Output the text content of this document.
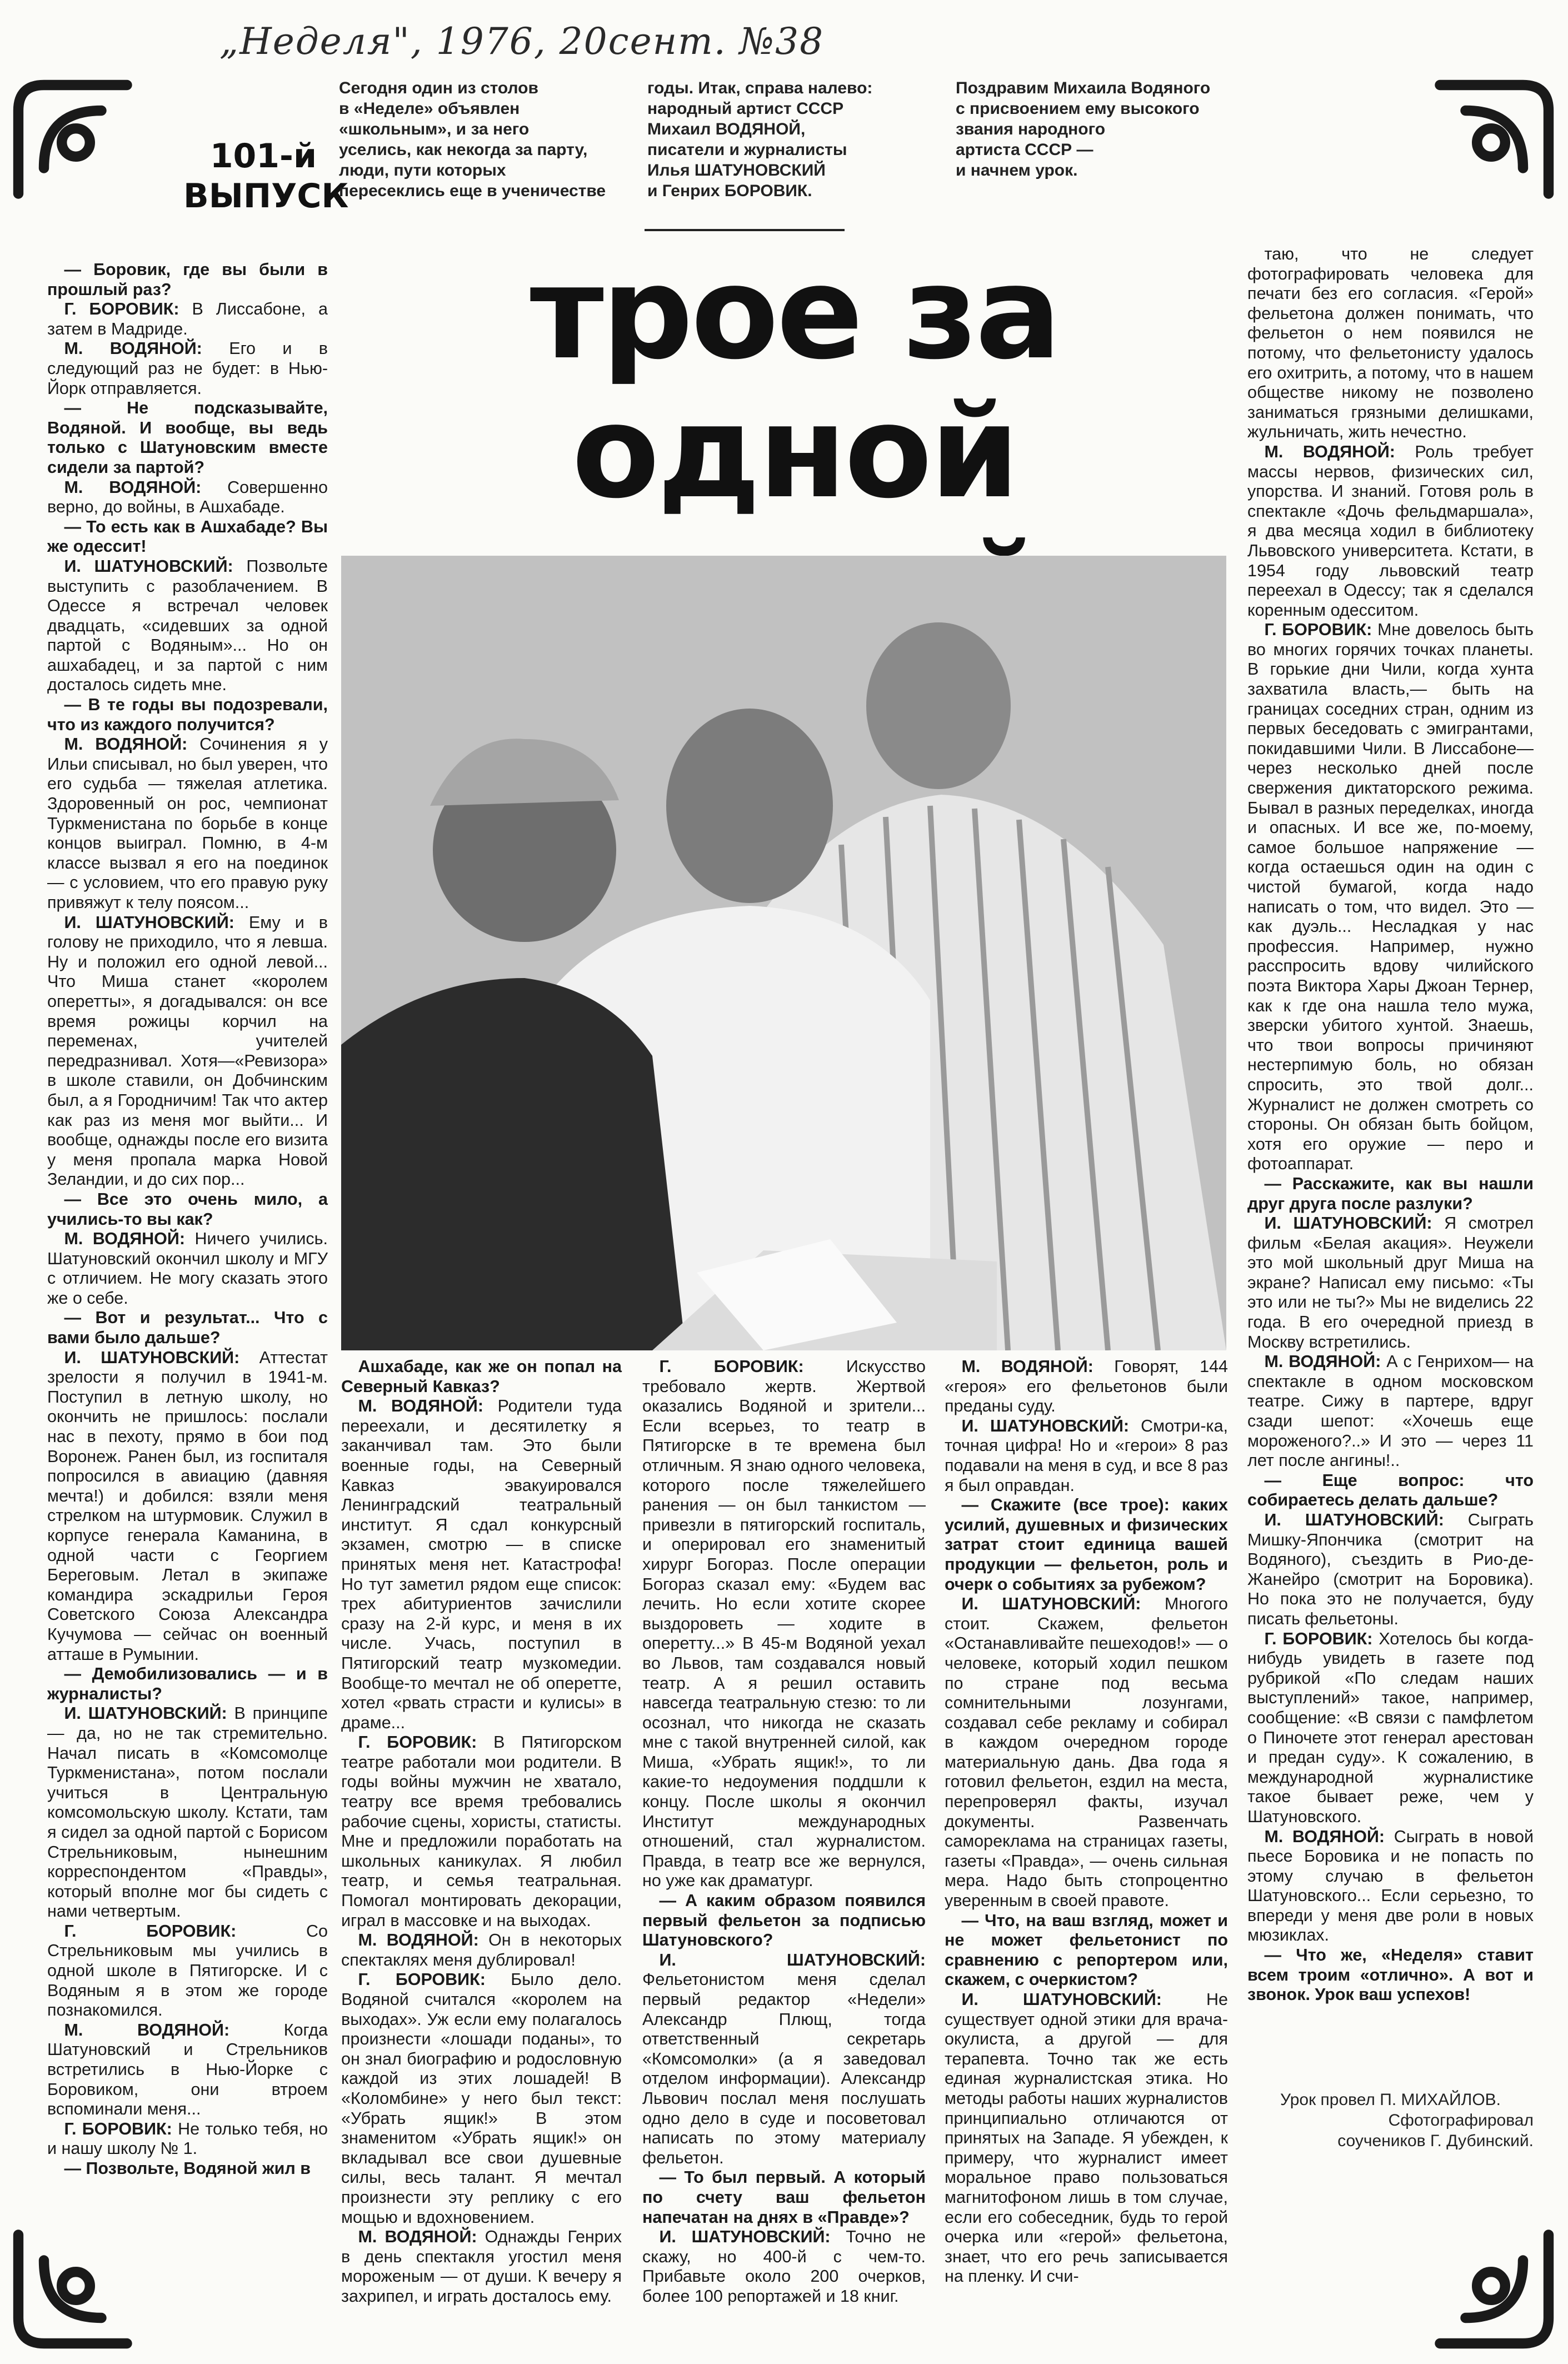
„Неделя", 1976, 20сент. №38
101-й
ВЫПУСК
Сегодня один из столов
в «Неделе» объявлен
«школьным», и за него
уселись, как некогда за парту,
люди, пути которых
пересеклись еще в ученичестве
годы. Итак, справа налево:
народный артист СССР
Михаил ВОДЯНОЙ,
писатели и журналисты
Илья ШАТУНОВСКИЙ
и Генрих БОРОВИК.
Поздравим Михаила Водяного
с присвоением ему высокого
звания народного
артиста СССР —
и начнем урок.
трое за одной

— Боровик, где вы были в прошлый раз?

Г. БОРОВИК: В Лиссабоне, а затем в Мадриде.

М. ВОДЯНОЙ: Его и в следующий раз не будет: в Нью-Йорк отправляется.

— Не подсказывайте, Водяной. И вообще, вы ведь только с Шатуновским вместе сидели за партой?

М. ВОДЯНОЙ: Совершенно верно, до войны, в Ашхабаде.

— То есть как в Ашхабаде? Вы же одессит!

И. ШАТУНОВСКИЙ: Позвольте выступить с разоблачением. В Одессе я встречал человек двадцать, «сидевших за одной партой с Водяным»... Но он ашхабадец, и за партой с ним досталось сидеть мне.

— В те годы вы подозревали, что из каждого получится?

М. ВОДЯНОЙ: Сочинения я у Ильи списывал, но был уверен, что его судьба — тяжелая атлетика. Здоровенный он рос, чемпионат Туркменистана по борьбе в конце концов выиграл. Помню, в 4-м классе вызвал я его на поединок — с условием, что его правую руку привяжут к телу поясом...

И. ШАТУНОВСКИЙ: Ему и в голову не приходило, что я левша. Ну и положил его одной левой... Что Миша станет «королем оперетты», я догадывался: он все время рожицы корчил на переменах, учителей передразнивал. Хотя—«Ревизора» в школе ставили, он Добчинским был, а я Городничим! Так что актер как раз из меня мог выйти... И вообще, однажды после его визита у меня пропала марка Новой Зеландии, и до сих пор...

— Все это очень мило, а учились-то вы как?

М. ВОДЯНОЙ: Ничего учились. Шатуновский окончил школу и МГУ с отличием. Не могу сказать этого же о себе.

— Вот и результат... Что с вами было дальше?

И. ШАТУНОВСКИЙ: Аттестат зрелости я получил в 1941-м. Поступил в летную школу, но окончить не пришлось: послали нас в пехоту, прямо в бои под Воронеж. Ранен был, из госпиталя попросился в авиацию (давняя мечта!) и добился: взяли меня стрелком на штурмовик. Служил в корпусе генерала Каманина, в одной части с Георгием Береговым. Летал в экипаже командира эскадрильи Героя Советского Союза Александра Кучумова — сейчас он военный атташе в Румынии.

— Демобилизовались — и в журналисты?

И. ШАТУНОВСКИЙ: В принципе — да, но не так стремительно. Начал писать в «Комсомолце Туркменистана», потом послали учиться в Центральную комсомольскую школу. Кстати, там я сидел за одной партой с Борисом Стрельниковым, нынешним корреспондентом «Правды», который вполне мог бы сидеть с нами четвертым.

Г. БОРОВИК: Со Стрельниковым мы учились в одной школе в Пятигорске. И с Водяным я в этом же городе познакомился.

М. ВОДЯНОЙ: Когда Шатуновский и Стрельников встретились в Нью-Йорке с Боровиком, они втроем вспоминали меня...

Г. БОРОВИК: Не только тебя, но и нашу школу № 1.

— Позвольте, Водяной жил в

Ашхабаде, как же он попал на Северный Кавказ?

М. ВОДЯНОЙ: Родители туда переехали, и десятилетку я заканчивал там. Это были военные годы, на Северный Кавказ эвакуировался Ленинградский театральный институт. Я сдал конкурсный экзамен, смотрю — в списке принятых меня нет. Катастрофа! Но тут заметил рядом еще список: трех абитуриентов зачислили сразу на 2-й курс, и меня в их числе. Учась, поступил в Пятигорский театр музкомедии. Вообще-то мечтал не об оперетте, хотел «рвать страсти и кулисы» в драме...

Г. БОРОВИК: В Пятигорском театре работали мои родители. В годы войны мужчин не хватало, театру все время требовались рабочие сцены, хористы, статисты. Мне и предложили поработать на школьных каникулах. Я любил театр, и семья театральная. Помогал монтировать декорации, играл в массовке и на выходах.

М. ВОДЯНОЙ: Он в некоторых спектаклях меня дублировал!

Г. БОРОВИК: Было дело. Водяной считался «королем на выходах». Уж если ему полагалось произнести «лошади поданы», то он знал биографию и родословную каждой из этих лошадей! В «Коломбине» у него был текст: «Убрать ящик!» В этом знаменитом «Убрать ящик!» он вкладывал все свои душевные силы, весь талант. Я мечтал произнести эту реплику с его мощью и вдохновением.

М. ВОДЯНОЙ: Однажды Генрих в день спектакля угостил меня мороженым — от души. К вечеру я захрипел, и играть досталось ему.

Г. БОРОВИК: Искусство требовало жертв. Жертвой оказались Водяной и зрители... Если всерьез, то театр в Пятигорске в те времена был отличным. Я знаю одного человека, которого после тяжелейшего ранения — он был танкистом — привезли в пятигорский госпиталь, и оперировал его знаменитый хирург Богораз. После операции Богораз сказал ему: «Будем вас лечить. Но если хотите скорее выздороветь — ходите в оперетту...» В 45-м Водяной уехал во Львов, там создавался новый театр. А я решил оставить навсегда театральную стезю: то ли осознал, что никогда не сказать мне с такой внутренней силой, как Миша, «Убрать ящик!», то ли какие-то недоумения поддшли к концу. После школы я окончил Институт международных отношений, стал журналистом. Правда, в театр все же вернулся, но уже как драматург.

— А каким образом появился первый фельетон за подписью Шатуновского?

И. ШАТУНОВСКИЙ: Фельетонистом меня сделал первый редактор «Недели» Александр Плющ, тогда ответственный секретарь «Комсомолки» (а я заведовал отделом информации). Александр Львович послал меня послушать одно дело в суде и посоветовал написать по этому материалу фельетон.

— То был первый. А который по счету ваш фельетон напечатан на днях в «Правде»?

И. ШАТУНОВСКИЙ: Точно не скажу, но 400-й с чем-то. Прибавьте около 200 очерков, более 100 репортажей и 18 книг.

М. ВОДЯНОЙ: Говорят, 144 «героя» его фельетонов были преданы суду.

И. ШАТУНОВСКИЙ: Смотри-ка, точная цифра! Но и «герои» 8 раз подавали на меня в суд, и все 8 раз я был оправдан.

— Скажите (все трое): каких усилий, душевных и физических затрат стоит единица вашей продукции — фельетон, роль и очерк о событиях за рубежом?

И. ШАТУНОВСКИЙ: Многого стоит. Скажем, фельетон «Останавливайте пешеходов!» — о человеке, который ходил пешком по стране под весьма сомнительными лозунгами, создавал себе рекламу и собирал в каждом очередном городе материальную дань. Два года я готовил фельетон, ездил на места, перепроверял факты, изучал документы. Развенчать самореклама на страницах газеты, газеты «Правда», — очень сильная мера. Надо быть стопроцентно уверенным в своей правоте.

— Что, на ваш взгляд, может и не может фельетонист по сравнению с репортером или, скажем, с очеркистом?

И. ШАТУНОВСКИЙ: Не существует одной этики для врача-окулиста, а другой — для терапевта. Точно так же есть единая журналистская этика. Но методы работы наших журналистов принципиально отличаются от принятых на Западе. Я убежден, к примеру, что журналист имеет моральное право пользоваться магнитофоном лишь в том случае, если его собеседник, будь то герой очерка или «герой» фельетона, знает, что его речь записывается на пленку. И счи-

таю, что не следует фотографировать человека для печати без его согласия. «Герой» фельетона должен понимать, что фельетон о нем появился не потому, что фельетонисту удалось его охитрить, а потому, что в нашем обществе никому не позволено заниматься грязными делишками, жульничать, жить нечестно.

М. ВОДЯНОЙ: Роль требует массы нервов, физических сил, упорства. И знаний. Готовя роль в спектакле «Дочь фельдмаршала», я два месяца ходил в библиотеку Львовского университета. Кстати, в 1954 году львовский театр переехал в Одессу; так я сделался коренным одесситом.

Г. БОРОВИК: Мне довелось быть во многих горячих точках планеты. В горькие дни Чили, когда хунта захватила власть,— быть на границах соседних стран, одним из первых беседовать с эмигрантами, покидавшими Чили. В Лиссабоне—через несколько дней после свержения диктаторского режима. Бывал в разных переделках, иногда и опасных. И все же, по-моему, самое большое напряжение — когда остаешься один на один с чистой бумагой, когда надо написать о том, что видел. Это — как дуэль... Несладкая у нас профессия. Например, нужно расспросить вдову чилийского поэта Виктора Хары Джоан Тернер, как к где она нашла тело мужа, зверски убитого хунтой. Знаешь, что твои вопросы причиняют нестерпимую боль, но обязан спросить, это твой долг... Журналист не должен смотреть со стороны. Он обязан быть бойцом, хотя его оружие — перо и фотоаппарат.

— Расскажите, как вы нашли друг друга после разлуки?

И. ШАТУНОВСКИЙ: Я смотрел фильм «Белая акация». Неужели это мой школьный друг Миша на экране? Написал ему письмо: «Ты это или не ты?» Мы не виделись 22 года. В его очередной приезд в Москву встретились.

М. ВОДЯНОЙ: А с Генрихом— на спектакле в одном московском театре. Сижу в партере, вдруг сзади шепот: «Хочешь еще мороженого?..» И это — через 11 лет после ангины!..

— Еще вопрос: что собираетесь делать дальше?

И. ШАТУНОВСКИЙ: Сыграть Мишку-Япончика (смотрит на Водяного), съездить в Рио-де-Жанейро (смотрит на Боровика). Но пока это не получается, буду писать фельетоны.

Г. БОРОВИК: Хотелось бы когда-нибудь увидеть в газете под рубрикой «По следам наших выступлений» такое, например, сообщение: «В связи с памфлетом о Пиночете этот генерал арестован и предан суду». К сожалению, в международной журналистике такое бывает реже, чем у Шатуновского.

М. ВОДЯНОЙ: Сыграть в новой пьесе Боровика и не попасть по этому случаю в фельетон Шатуновского... Если серьезно, то впереди у меня две роли в новых мюзиклах.

— Что же, «Неделя» ставит всем троим «отлично». А вот и звонок. Урок ваш успехов!

Урок провел П. МИХАЙЛОВ.
Сфотографировал
соучеников Г. Дубинский.
